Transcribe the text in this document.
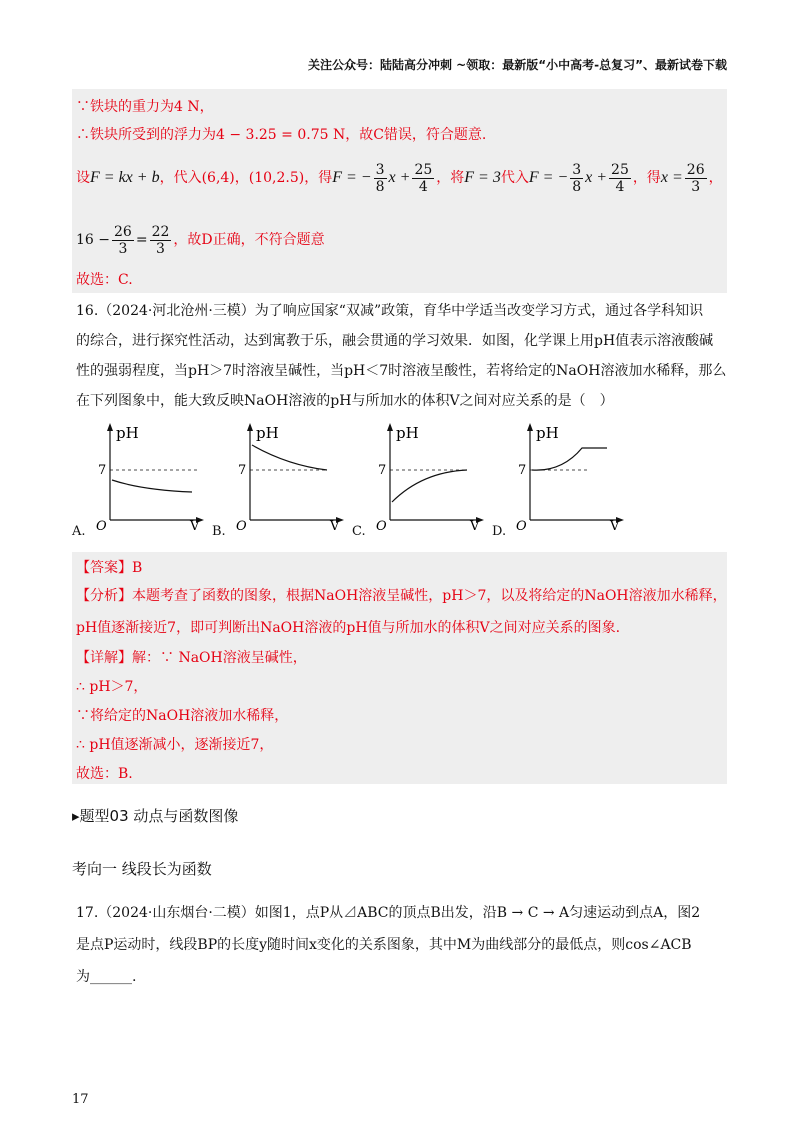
关注公众号：陆陆高分冲刺 ~领取：最新版“小中高考-总复习”、最新试卷下载
∵铁块的重力为4 N，
∴铁块所受到的浮力为4 − 3.25 = 0.75 N，故C错误，符合题意.
设F = kx + b，代入(6,4)，(10,2.5)，得F = − $\frac{3}{8}$ $x + \frac{25}{4}$ ，将F = 3代入F = − $\frac{3}{8}$ $x + \frac{25}{4}$ ，得$x = \frac{26}{3}$ ，
$16 - \frac{26}{3} = \frac{22}{3}$ ，故D正确，不符合题意
故选：C.
16.（2024·河北沧州·三模）为了响应国家“双减”政策，育华中学适当改变学习方式，通过各学科知识
的综合，进行探究性活动，达到寓教于乐，融会贯通的学习效果．如图，化学课上用pH值表示溶液酸碱
性的强弱程度，当pH＞7时溶液呈碱性，当pH＜7时溶液呈酸性，若将给定的NaOH溶液加水稀释，那么
在下列图象中，能大致反映NaOH溶液的pH与所加水的体积V之间对应关系的是（　）
pH
7
O	V
A.
pH
7
O	V
B.
pH
7
O	V
C.
pH
7
O	V
D.
【答案】B
【分析】本题考查了函数的图象，根据NaOH溶液呈碱性，pH＞7，以及将给定的NaOH溶液加水稀释，
pH值逐渐接近7，即可判断出NaOH溶液的pH值与所加水的体积V之间对应关系的图象.
【详解】解：∵ NaOH溶液呈碱性，
∴ pH＞7，
∵将给定的NaOH溶液加水稀释，
∴ pH值逐渐减小，逐渐接近7，
故选：B.
▸题型03 动点与函数图像
考向一 线段长为函数
17.（2024·山东烟台·二模）如图1，点P从⊿ABC的顶点B出发，沿B → C → A匀速运动到点A，图2
是点P运动时，线段BP的长度y随时间x变化的关系图象，其中M为曲线部分的最低点，则cos∠ACB
为______.
17
